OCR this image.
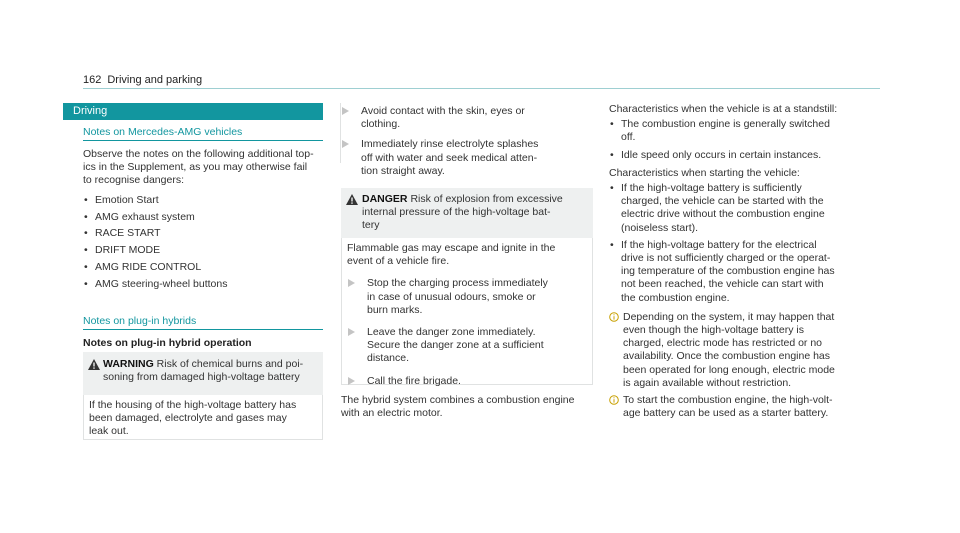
162 Driving and parking
Driving
Notes on Mercedes-AMG vehicles

Observe the notes on the following additional top-

ics in the Supplement, as you may otherwise fail

to recognise dangers:

• Emotion Start
• AMG exhaust system
• RACE START
• DRIFT MODE
• AMG RIDE CONTROL
• AMG steering-wheel buttons
Notes on plug-in hybrids
Notes on plug-in hybrid operation
WARNING Risk of chemical burns and poi-
soning from damaged high-voltage battery

If the housing of the high-voltage battery has

been damaged, electrolyte and gases may

leak out.

Avoid contact with the skin, eyes or

clothing.

Immediately rinse electrolyte splashes

off with water and seek medical atten-

tion straight away.

DANGER Risk of explosion from excessive
internal pressure of the high-voltage bat-
tery

Flammable gas may escape and ignite in the

event of a vehicle fire.

Stop the charging process immediately

in case of unusual odours, smoke or

burn marks.

Leave the danger zone immediately.

Secure the danger zone at a sufficient

distance.

Call the fire brigade.

The hybrid system combines a combustion engine

with an electric motor.

Characteristics when the vehicle is at a standstill:

• The combustion engine is generally switched
off.
• Idle speed only occurs in certain instances.

Characteristics when starting the vehicle:

• If the high-voltage battery is sufficiently
charged, the vehicle can be started with the
electric drive without the combustion engine
(noiseless start).
• If the high-voltage battery for the electrical
drive is not sufficiently charged or the operat-
ing temperature of the combustion engine has
not been reached, the vehicle can start with
the combustion engine.

Depending on the system, it may happen that

even though the high-voltage battery is

charged, electric mode has restricted or no

availability. Once the combustion engine has

been operated for long enough, electric mode

is again available without restriction.

To start the combustion engine, the high-volt-

age battery can be used as a starter battery.
